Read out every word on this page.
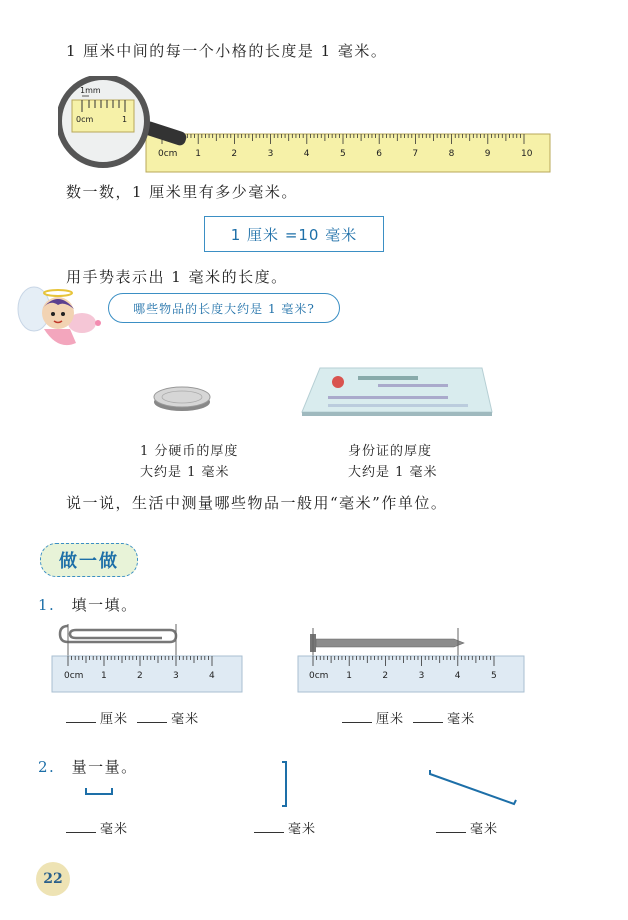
1 厘米中间的每一个小格的长度是 1 毫米。
0cm 1	2	3	4	5	6	7	8	9	10
1mm
0cm	1
数一数，1 厘米里有多少毫米。
1 厘米 =10 毫米
用手势表示出 1 毫米的长度。
哪些物品的长度大约是 1 毫米?
1 分硬币的厚度
大约是 1 毫米
身份证的厚度
大约是 1 毫米
说一说，生活中测量哪些物品一般用“毫米”作单位。
做一做
1. 填一填。
0cm 1	2	3	4	0cm 1	2	3	4	5
厘米	毫米	厘米	毫米
2. 量一量。
毫米	毫米	毫米
22
